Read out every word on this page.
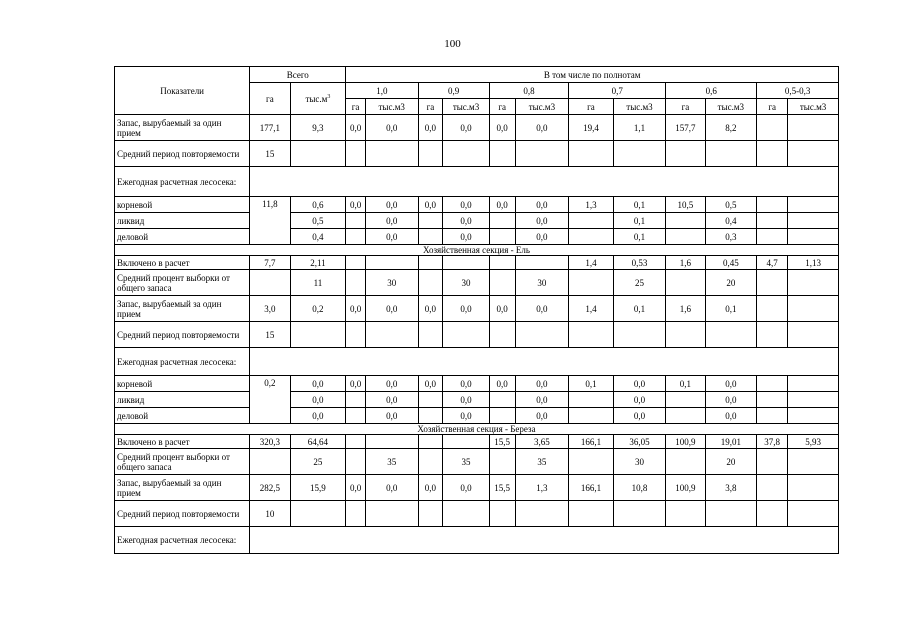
100
Показатели	Всего		В том числе по полнотам											
	га	$тыс.м^3$	1,0		0,9		0,8		0,7		0,6		0,5-0,3	
			га	тыс.м3	га	тыс.м3	га	тыс.м3	га	тыс.м3	га	тыс.м3	га	тыс.м3
Запас, вырубаемый за один прием	177,1	9,3	0,0	0,0	0,0	0,0	0,0	0,0	19,4	1,1	157,7	8,2		
Средний период повторяемости	15													
Ежегодная расчетная лесосека:														
корневой	11,8	0,6	0,0	0,0	0,0	0,0	0,0	0,0	1,3	0,1	10,5	0,5		
ликвид		0,5		0,0		0,0		0,0		0,1		0,4		
деловой		0,4		0,0		0,0		0,0		0,1		0,3		
Хозяйственная секция - Ель														
Включено в расчет	7,7	2,11							1,4	0,53	1,6	0,45	4,7	1,13
Средний процент выборки от общего запаса		11		30		30		30		25		20		
Запас, вырубаемый за один прием	3,0	0,2	0,0	0,0	0,0	0,0	0,0	0,0	1,4	0,1	1,6	0,1		
Средний период повторяемости	15													
Ежегодная расчетная лесосека:														
корневой	0,2	0,0	0,0	0,0	0,0	0,0	0,0	0,0	0,1	0,0	0,1	0,0		
ликвид		0,0		0,0		0,0		0,0		0,0		0,0		
деловой		0,0		0,0		0,0		0,0		0,0		0,0		
Хозяйственная секция - Береза														
Включено в расчет	320,3	64,64					15,5	3,65	166,1	36,05	100,9	19,01	37,8	5,93
Средний процент выборки от общего запаса		25		35		35		35		30		20		
Запас, вырубаемый за один прием	282,5	15,9	0,0	0,0	0,0	0,0	15,5	1,3	166,1	10,8	100,9	3,8		
Средний период повторяемости	10													
Ежегодная расчетная лесосека:														
